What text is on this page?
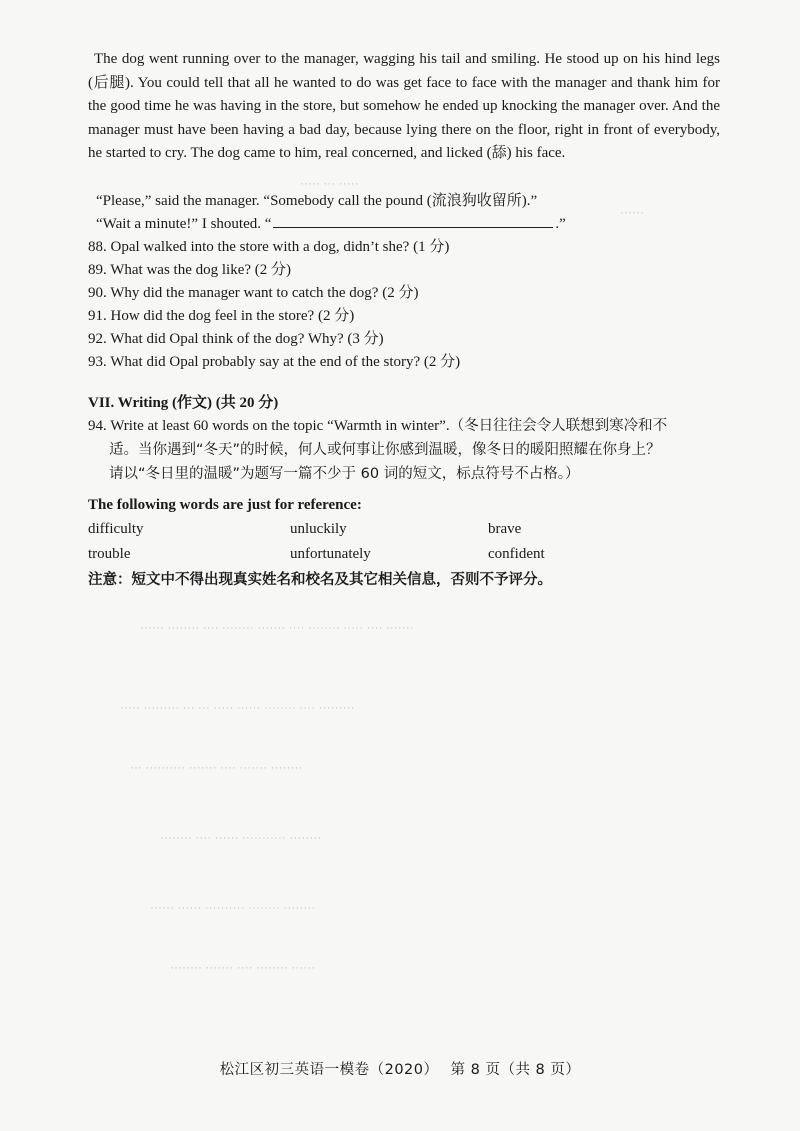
····· ··· ·····
······
······ ········ ···· ········ ······· ···· ········ ····· ···· ·······
····· ········· ··· ··· ····· ······ ········ ···· ·········
··· ·········· ······· ···· ······· ········
········ ···· ······ ··········· ········
······ ······ ·········· ········ ········
········ ······· ···· ········ ······
The dog went running over to the manager, wagging his tail and smiling. He stood up on his hind legs (后腿). You could tell that all he wanted to do was get face to face with the manager and thank him for the good time he was having in the store, but somehow he ended up knocking the manager over. And the manager must have been having a bad day, because lying there on the floor, right in front of everybody, he started to cry. The dog came to him, real concerned, and licked (舔) his face.
“Please,” said the manager. “Somebody call the pound (流浪狗收留所).”
“Wait a minute!” I shouted. “	.”
88. Opal walked into the store with a dog, didn’t she? (1 分)
89. What was the dog like? (2 分)
90. Why did the manager want to catch the dog? (2 分)
91. How did the dog feel in the store? (2 分)
92. What did Opal think of the dog? Why? (3 分)
93. What did Opal probably say at the end of the story? (2 分)
VII. Writing (作文) (共 20 分)
94. Write at least 60 words on the topic “Warmth in winter”.（冬日往往会令人联想到寒冷和不
适。当你遇到“冬天”的时候，何人或何事让你感到温暖，像冬日的暖阳照耀在你身上？
请以“冬日里的温暖”为题写一篇不少于 60 词的短文，标点符号不占格。）
The following words are just for reference:
difficulty	unluckily	brave
trouble	unfortunately	confident
注意：短文中不得出现真实姓名和校名及其它相关信息，否则不予评分。
松江区初三英语一模卷（2020） 第 8 页（共 8 页）
